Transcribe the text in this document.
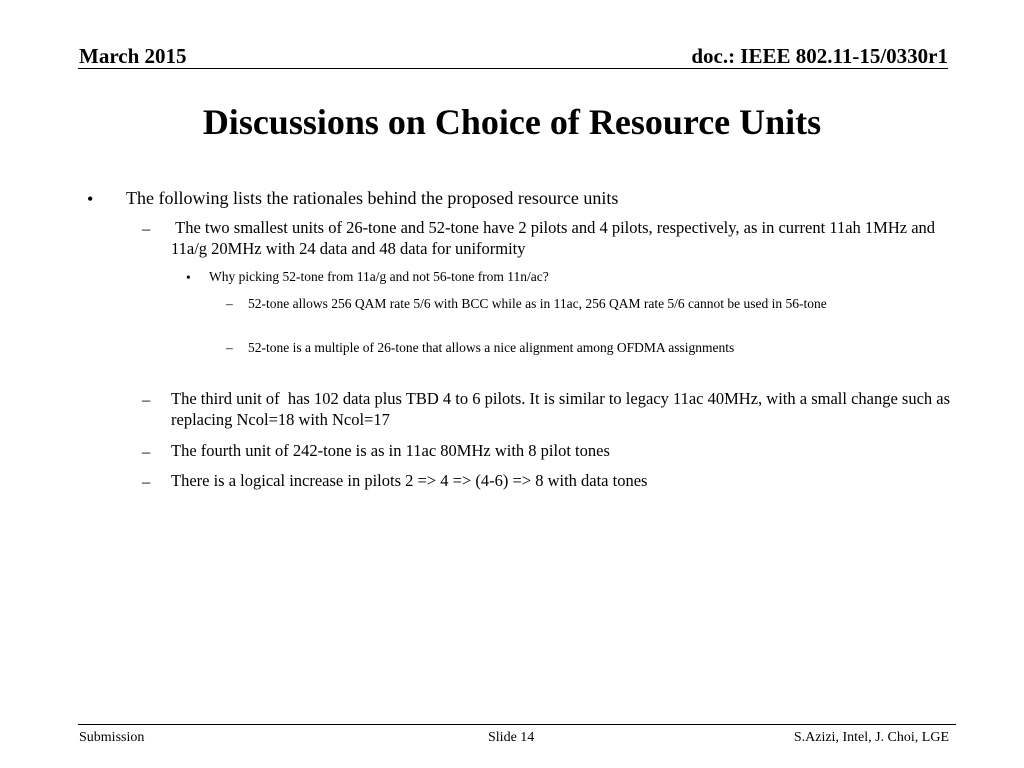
March 2015	doc.: IEEE 802.11-15/0330r1
Discussions on Choice of Resource Units
• The following lists the rationales behind the proposed resource units
– The two smallest units of 26-tone and 52-tone have 2 pilots and 4 pilots, respectively, as in current 11ah 1MHz and 11a/g 20MHz with 24 data and 48 data for uniformity
• Why picking 52-tone from 11a/g and not 56-tone from 11n/ac?
– 52-tone allows 256 QAM rate 5/6 with BCC while as in 11ac, 256 QAM rate 5/6 cannot be used in 56-tone
– 52-tone is a multiple of 26-tone that allows a nice alignment among OFDMA assignments
– The third unit of  has 102 data plus TBD 4 to 6 pilots. It is similar to legacy 11ac 40MHz, with a small change such as replacing Ncol=18 with Ncol=17
– The fourth unit of 242-tone is as in 11ac 80MHz with 8 pilot tones
– There is a logical increase in pilots 2 => 4 => (4-6) => 8 with data tones
Submission	Slide 14	S.Azizi, Intel, J. Choi, LGE
